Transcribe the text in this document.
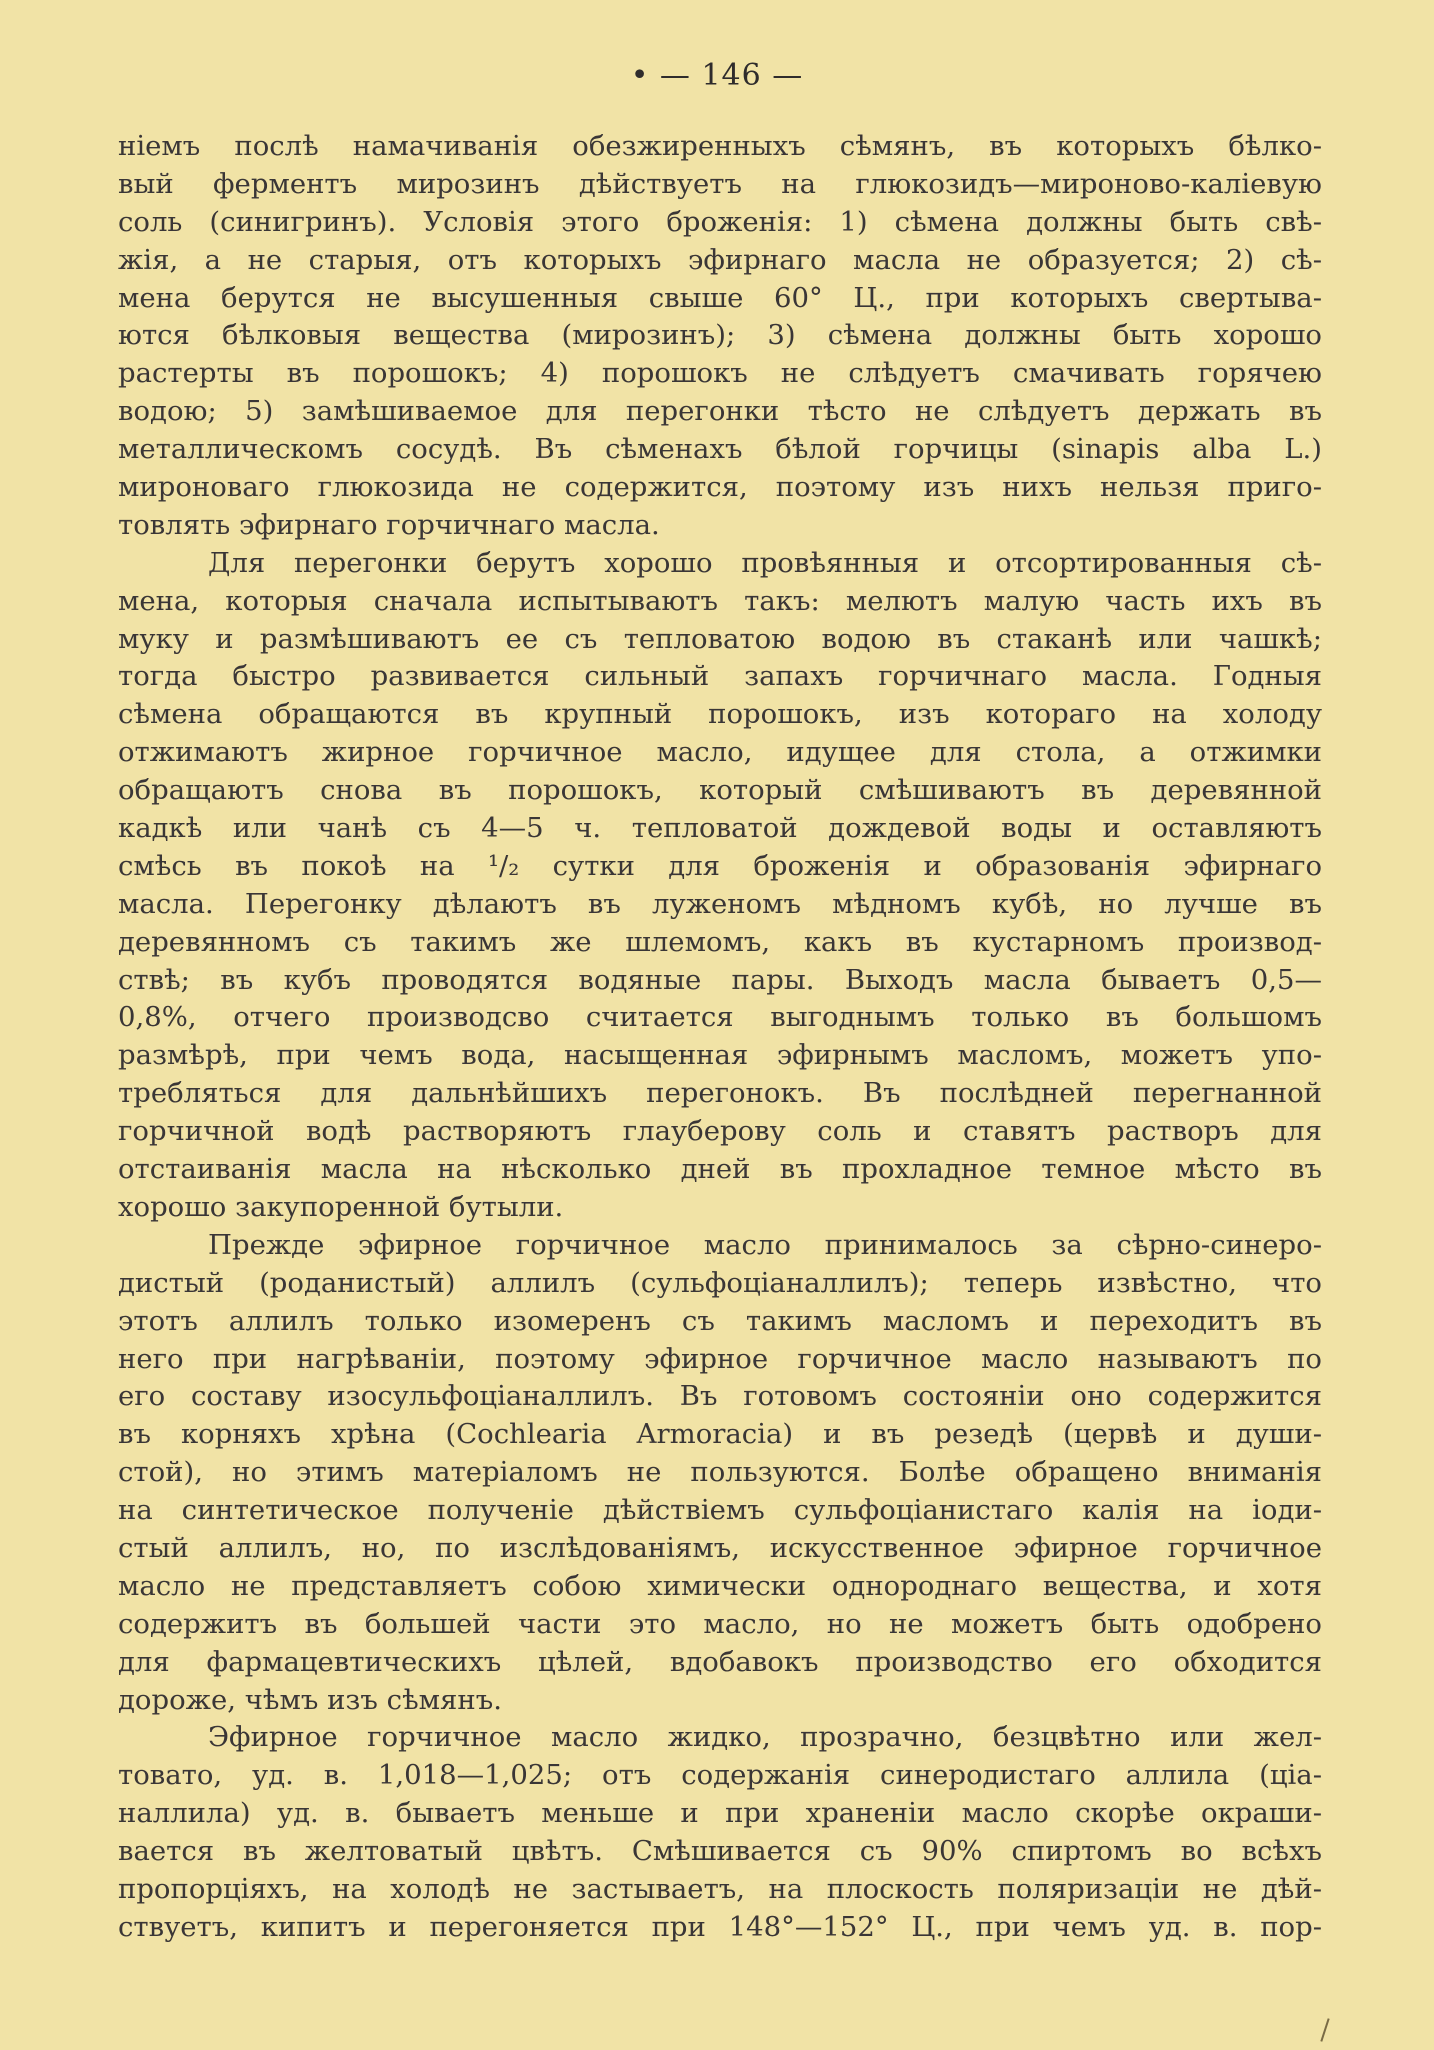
• — 146 —
ніемъ послѣ намачиванія обезжиренныхъ сѣмянъ, въ которыхъ бѣлко-
вый ферментъ мирозинъ дѣйствуетъ на глюкозидъ—мироново-каліевую
соль (синигринъ). Условія этого броженія: 1) сѣмена должны быть свѣ-
жія, а не старыя, отъ которыхъ эфирнаго масла не образуется; 2) сѣ-
мена берутся не высушенныя свыше 60° Ц., при которыхъ свертыва-
ются бѣлковыя вещества (мирозинъ); 3) сѣмена должны быть хорошо
растерты въ порошокъ; 4) порошокъ не слѣдуетъ смачивать горячею
водою; 5) замѣшиваемое для перегонки тѣсто не слѣдуетъ держать въ
металлическомъ сосудѣ. Въ сѣменахъ бѣлой горчицы (sinapis alba L.)
миронoваго глюкозида не содержится, поэтому изъ нихъ нельзя приго-
товлять эфирнаго горчичнаго масла.
Для перегонки берутъ хорошо провѣянныя и отсортированныя сѣ-
мена, которыя сначала испытываютъ такъ: мелютъ малую часть ихъ въ
муку и размѣшиваютъ ее съ тепловатою водою въ стаканѣ или чашкѣ;
тогда быстро развивается сильный запахъ горчичнаго масла. Годныя
сѣмена обращаются въ крупный порошокъ, изъ котораго на холоду
отжимаютъ жирное горчичное масло, идущее для стола, а отжимки
обращаютъ снова въ порошокъ, который смѣшиваютъ въ деревянной
кадкѣ или чанѣ съ 4—5 ч. тепловатой дождевой воды и оставляютъ
смѣсь въ покоѣ на ¹/₂ сутки для броженія и образованія эфирнаго
масла. Перегонку дѣлаютъ въ луженомъ мѣдномъ кубѣ, но лучше въ
деревянномъ съ такимъ же шлемомъ, какъ въ кустарномъ производ-
ствѣ; въ кубъ проводятся водяные пары. Выходъ масла бываетъ 0,5—
0,8%, отчего производсво считается выгоднымъ только въ большомъ
размѣрѣ, при чемъ вода, насыщенная эфирнымъ масломъ, можетъ упо-
требляться для дальнѣйшихъ перегонокъ. Въ послѣдней перегнанной
горчичной водѣ растворяютъ глауберову соль и ставятъ растворъ для
отстаиванія масла на нѣсколько дней въ прохладное темное мѣсто въ
хорошо закупоренной бутыли.
Прежде эфирное горчичное масло принималось за сѣрно-синеро-
дистый (роданистый) аллилъ (сульфоціаналлилъ); теперь извѣстно, что
этотъ аллилъ только изомеренъ съ такимъ масломъ и переходитъ въ
него при нагрѣваніи, поэтому эфирное горчичное масло называютъ по
его составу изосульфоціаналлилъ. Въ готовомъ состояніи оно содержится
въ корняхъ хрѣна (Cochlearia Armoracia) и въ резедѣ (цервѣ и души-
стой), но этимъ матеріаломъ не пользуются. Болѣе обращено вниманія
на синтетическое полученіе дѣйствіемъ сульфоціанистаго калія на іоди-
стый аллилъ, но, по изслѣдованіямъ, искусственное эфирное горчичное
масло не представляетъ собою химически однороднаго вещества, и хотя
содержитъ въ большей части это масло, но не можетъ быть одобрено
для фармацевтическихъ цѣлей, вдобавокъ производство его обходится
дороже, чѣмъ изъ сѣмянъ.
Эфирное горчичное масло жидко, прозрачно, безцвѣтно или жел-
товато, уд. в. 1,018—1,025; отъ содержанія синеродистаго аллила (ціа-
наллила) уд. в. бываетъ меньше и при храненіи масло скорѣе окраши-
вается въ желтоватый цвѣтъ. Смѣшивается съ 90% спиртомъ во всѣхъ
пропорціяхъ, на холодѣ не застываетъ, на плоскость поляризаціи не дѣй-
ствуетъ, кипитъ и перегоняется при 148°—152° Ц., при чемъ уд. в. пор-
